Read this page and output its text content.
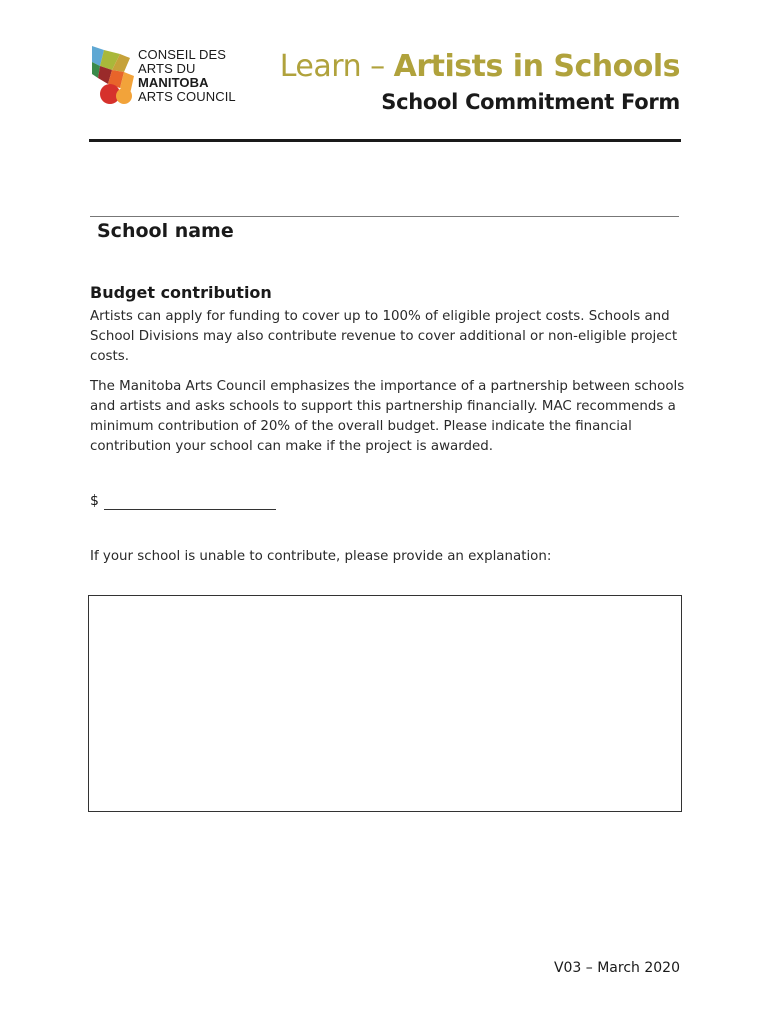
CONSEIL DES
ARTS DU
MANITOBA
ARTS COUNCIL
Learn – Artists in Schools
School Commitment Form
School name
Budget contribution

Artists can apply for funding to cover up to 100% of eligible project costs. Schools and School Divisions may also contribute revenue to cover additional or non-eligible project costs.

The Manitoba Arts Council emphasizes the importance of a partnership between schools and artists and asks schools to support this partnership financially. MAC recommends a minimum contribution of 20% of the overall budget. Please indicate the financial contribution your school can make if the project is awarded.

$
If your school is unable to contribute, please provide an explanation:
V03 – March 2020
